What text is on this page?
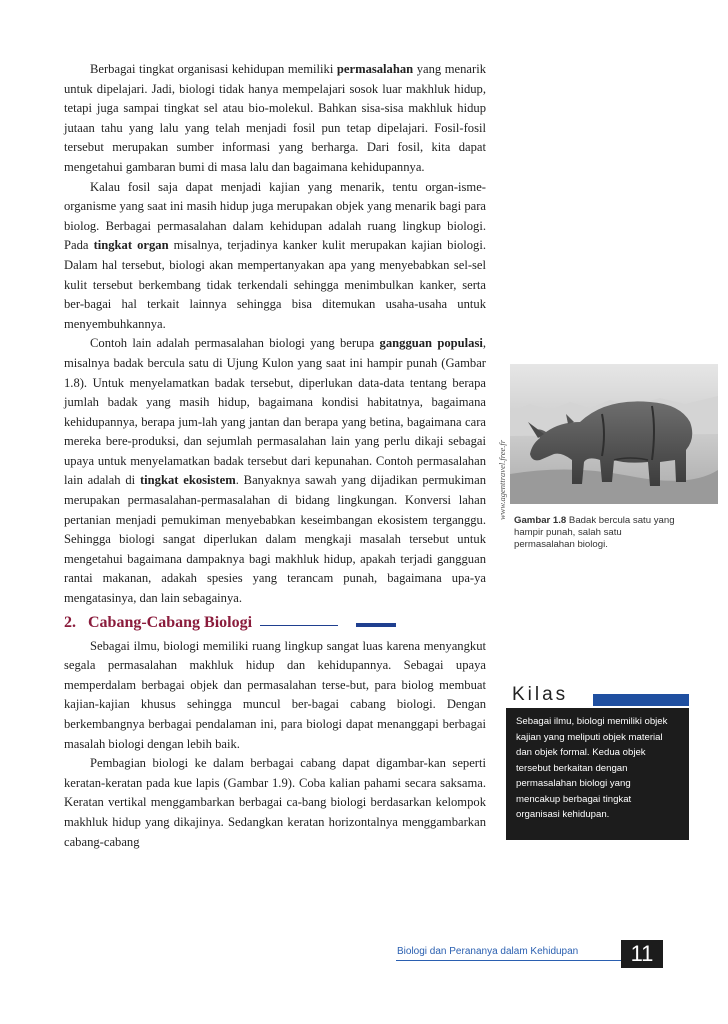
Berbagai tingkat organisasi kehidupan memiliki permasalahan yang menarik untuk dipelajari. Jadi, biologi tidak hanya mempelajari sosok luar makhluk hidup, tetapi juga sampai tingkat sel atau bio-molekul. Bahkan sisa-sisa makhluk hidup jutaan tahu yang lalu yang telah menjadi fosil pun tetap dipelajari. Fosil-fosil tersebut merupakan sumber informasi yang berharga. Dari fosil, kita dapat mengetahui gambaran bumi di masa lalu dan bagaimana kehidupannya.

Kalau fosil saja dapat menjadi kajian yang menarik, tentu organ-isme-organisme yang saat ini masih hidup juga merupakan objek yang menarik bagi para biolog. Berbagai permasalahan dalam kehidupan adalah ruang lingkup biologi. Pada tingkat organ misalnya, terjadinya kanker kulit merupakan kajian biologi. Dalam hal tersebut, biologi akan mempertanyakan apa yang menyebabkan sel-sel kulit tersebut berkembang tidak terkendali sehingga menimbulkan kanker, serta ber-bagai hal terkait lainnya sehingga bisa ditemukan usaha-usaha untuk menyembuhkannya.

Contoh lain adalah permasalahan biologi yang berupa gangguan populasi, misalnya badak bercula satu di Ujung Kulon yang saat ini hampir punah (Gambar 1.8). Untuk menyelamatkan badak tersebut, diperlukan data-data tentang berapa jumlah badak yang masih hidup, bagaimana kondisi habitatnya, bagaimana kehidupannya, berapa jum-lah yang jantan dan berapa yang betina, bagaimana cara mereka bere-produksi, dan sejumlah permasalahan lain yang perlu dikaji sebagai upaya untuk menyelamatkan badak tersebut dari kepunahan. Contoh permasalahan lain adalah di tingkat ekosistem. Banyaknya sawah yang dijadikan permukiman merupakan permasalahan-permasalahan di bidang lingkungan. Konversi lahan pertanian menjadi pemukiman menyebabkan keseimbangan ekosistem terganggu. Sehingga biologi sangat diperlukan dalam mengkaji masalah tersebut untuk mengetahui bagaimana dampaknya bagi makhluk hidup, apakah terjadi gangguan rantai makanan, adakah spesies yang terancam punah, bagaimana upa-ya mengatasinya, dan lain sebagainya.

2. Cabang-Cabang Biologi

Sebagai ilmu, biologi memiliki ruang lingkup sangat luas karena menyangkut segala permasalahan makhluk hidup dan kehidupannya. Sebagai upaya memperdalam berbagai objek dan permasalahan terse-but, para biolog membuat kajian-kajian khusus sehingga muncul ber-bagai cabang biologi. Dengan berkembangnya berbagai pendalaman ini, para biologi dapat menanggapi berbagai masalah biologi dengan lebih baik.

Pembagian biologi ke dalam berbagai cabang dapat digambar-kan seperti keratan-keratan pada kue lapis (Gambar 1.9). Coba kalian pahami secara saksama. Keratan vertikal menggambarkan berbagai ca-bang biologi berdasarkan kelompok makhluk hidup yang dikajinya. Sedangkan keratan horizontalnya menggambarkan cabang-cabang

www.agenttravel.free.fr
Gambar 1.8 Badak bercula satu yang hampir punah, salah satu permasalahan biologi.
Kilas
Sebagai ilmu, biologi memiliki objek kajian yang meliputi objek material dan objek formal. Kedua objek tersebut berkaitan dengan permasalahan biologi yang mencakup berbagai tingkat organisasi kehidupan.
Biologi dan Perananya dalam Kehidupan	11
